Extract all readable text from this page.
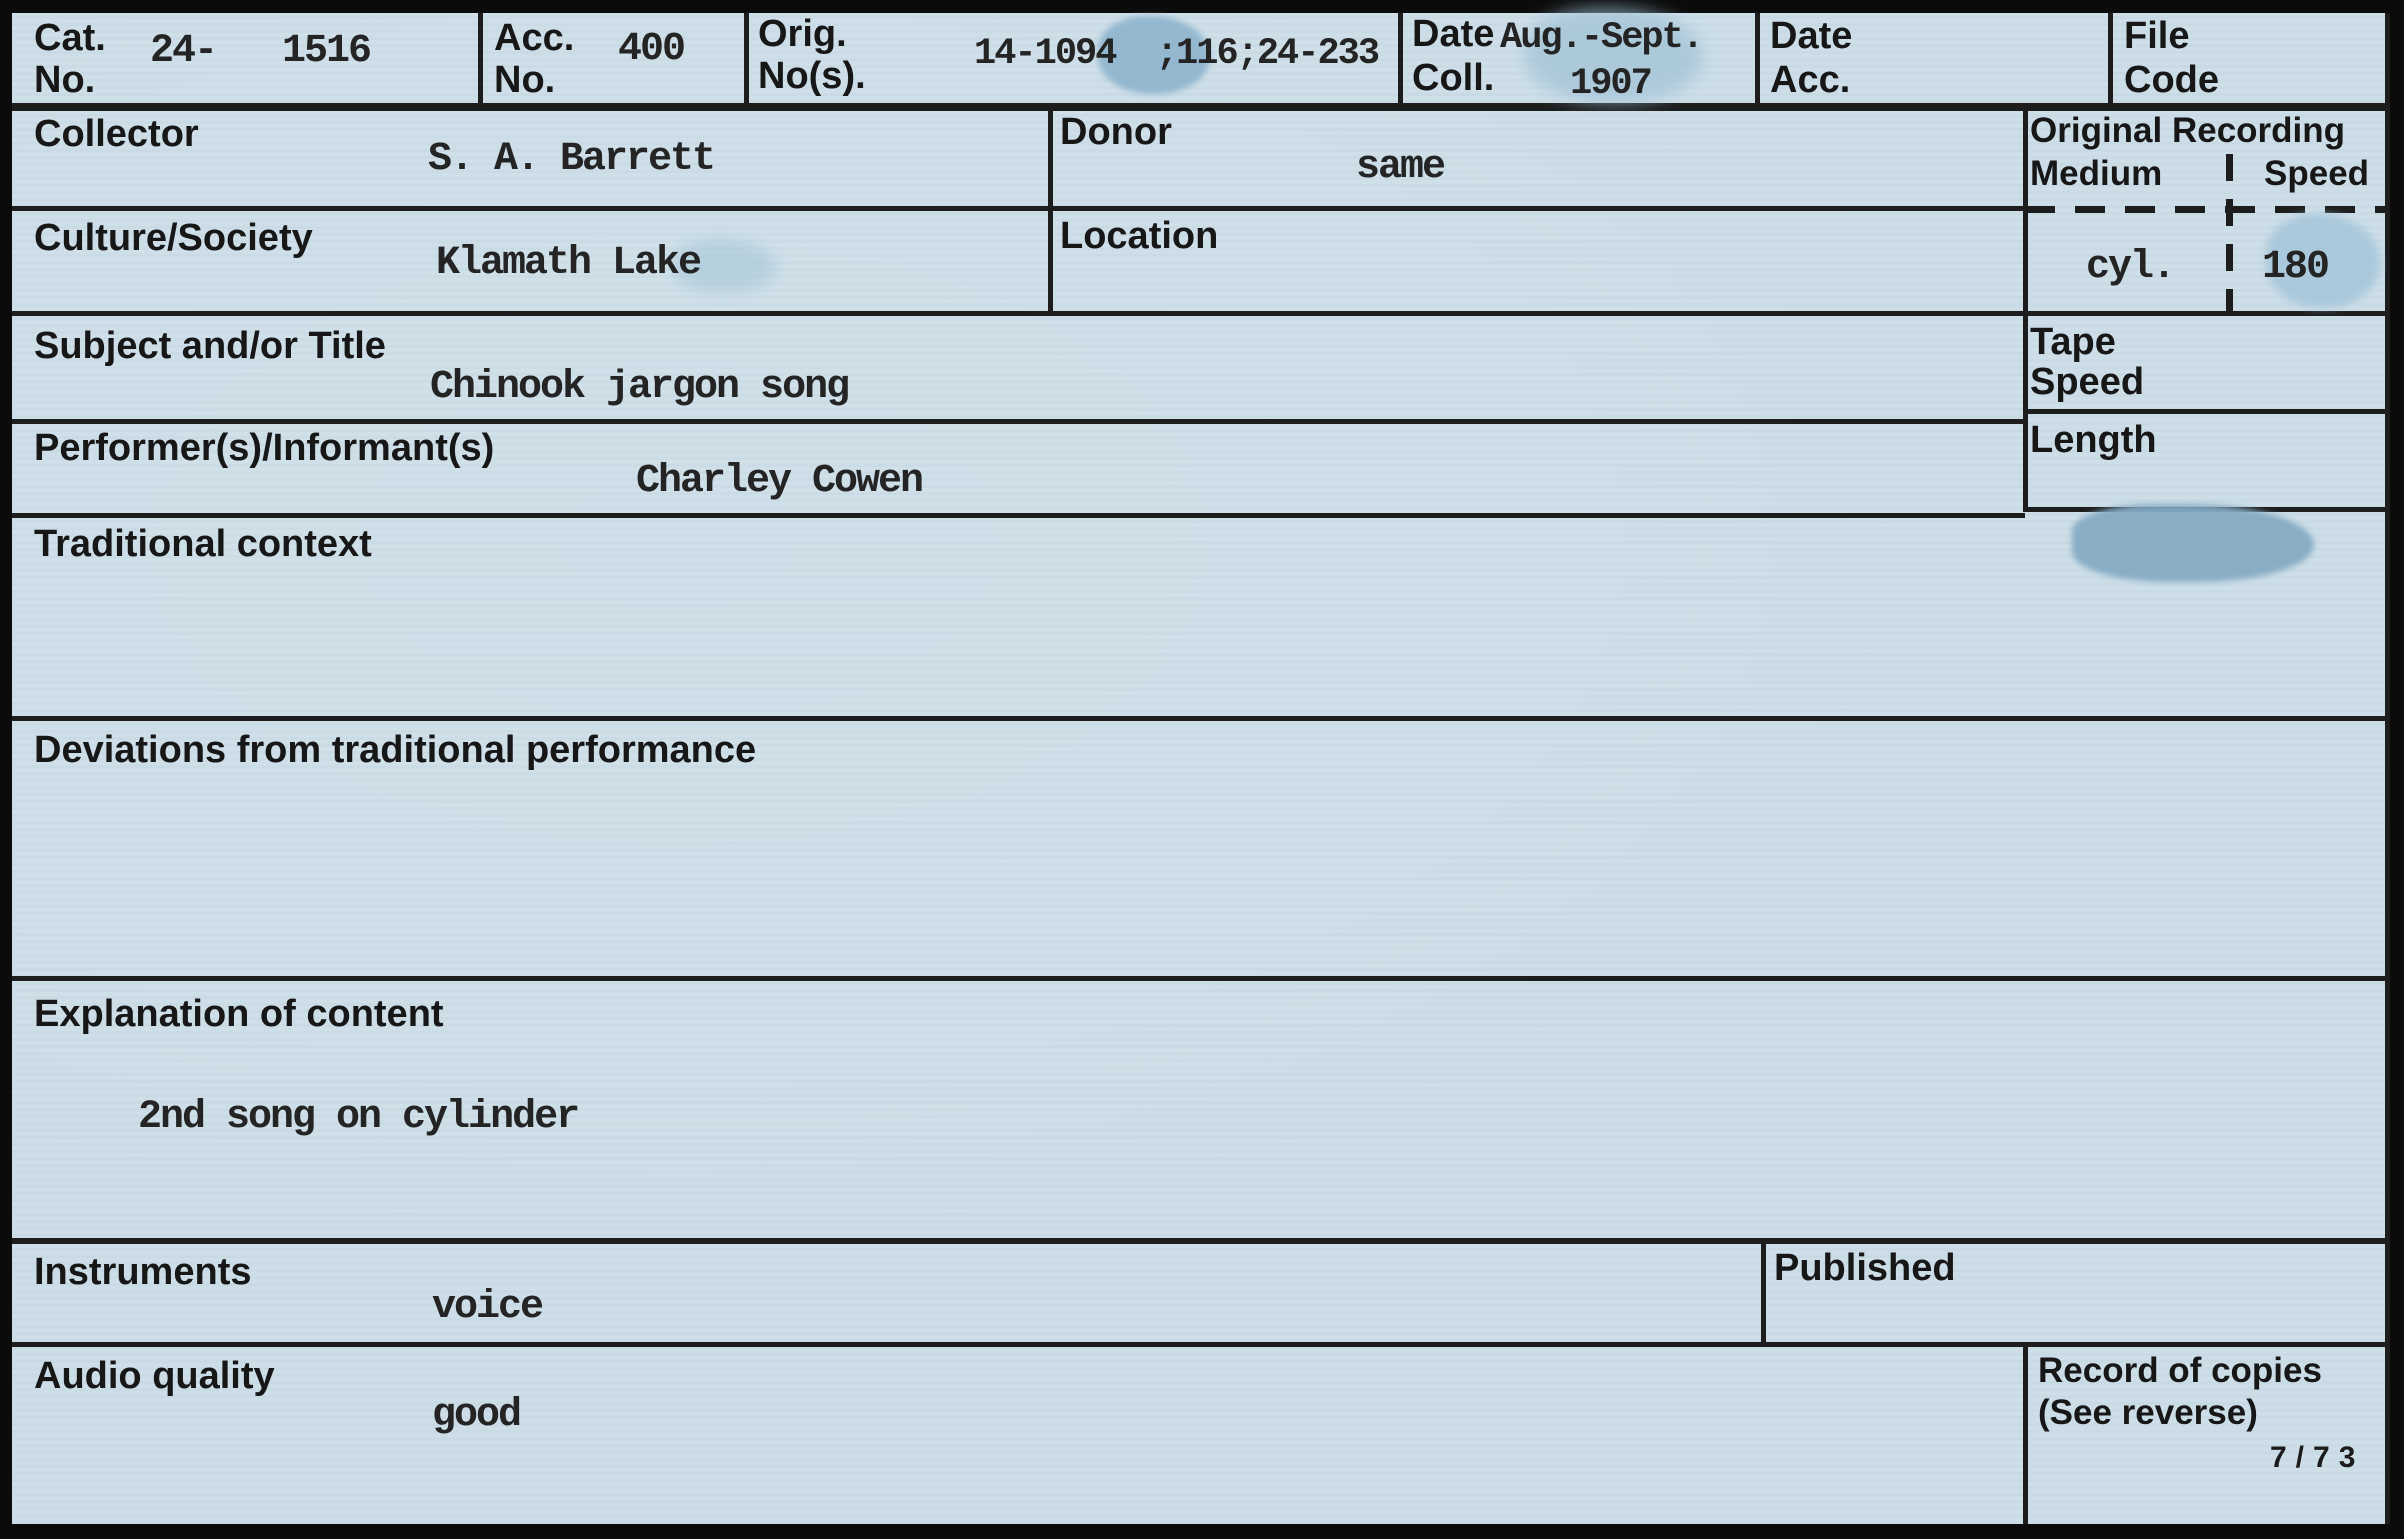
Cat.
No.
24-   1516	Acc.
No.
400 Orig.
No(s).
14-1094  ;116;24-233 Date
Coll.
Aug.-Sept.
1907
Date
Acc.
File
Code
Collector
S. A. Barrett
Donor
same
Original Recording
Medium	Speed
Culture/Society
Klamath Lake
Location
cyl. 180
Subject and/or Title
Chinook jargon song
Tape
Speed
Performer(s)/Informant(s)
Charley Cowen
Length
Traditional context
Deviations from traditional performance
Explanation of content
2nd song on cylinder
Instruments
voice
Published
Audio quality
good
Record of copies
(See reverse)
7/73
